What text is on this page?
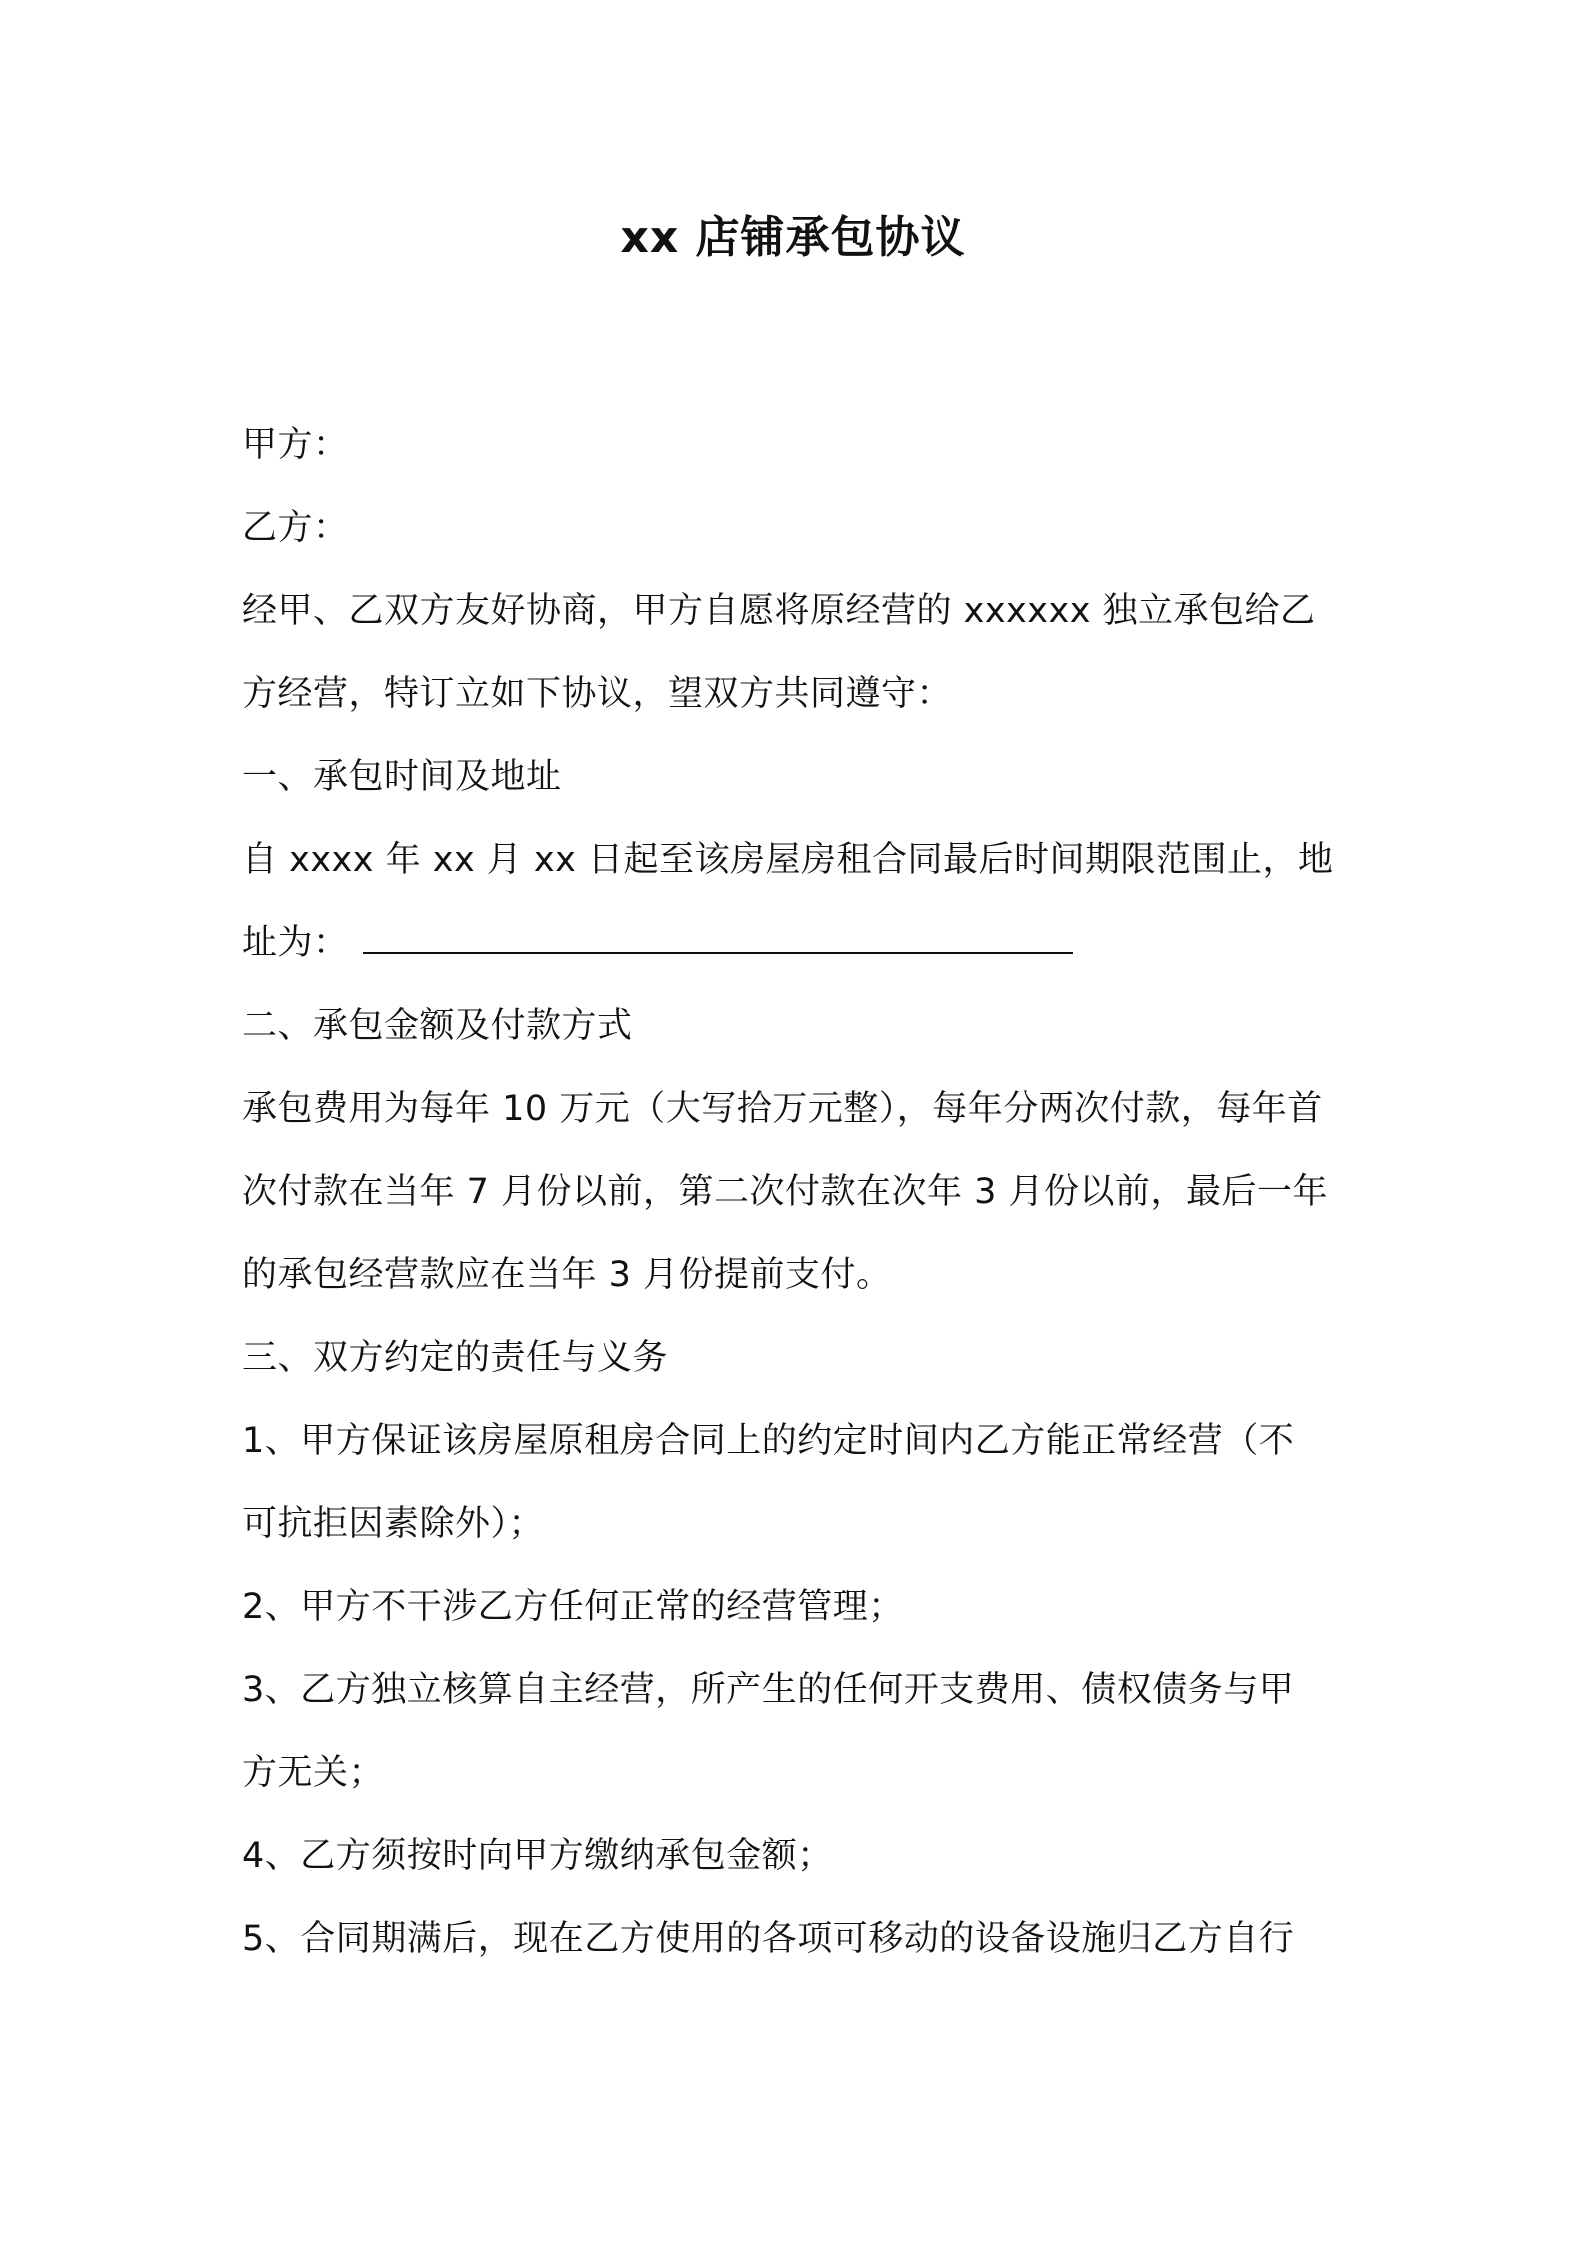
xx 店铺承包协议
甲方：
乙方：
经甲、乙双方友好协商，甲方自愿将原经营的 xxxxxx 独立承包给乙
方经营，特订立如下协议，望双方共同遵守：
一、承包时间及地址
自 xxxx 年 xx 月 xx 日起至该房屋房租合同最后时间期限范围止，地
址为：
二、承包金额及付款方式
承包费用为每年 10 万元（大写拾万元整），每年分两次付款，每年首
次付款在当年 7 月份以前，第二次付款在次年 3 月份以前，最后一年
的承包经营款应在当年 3 月份提前支付。
三、双方约定的责任与义务
1、甲方保证该房屋原租房合同上的约定时间内乙方能正常经营（不
可抗拒因素除外）；
2、甲方不干涉乙方任何正常的经营管理；
3、乙方独立核算自主经营，所产生的任何开支费用、债权债务与甲
方无关；
4、乙方须按时向甲方缴纳承包金额；
5、合同期满后，现在乙方使用的各项可移动的设备设施归乙方自行
